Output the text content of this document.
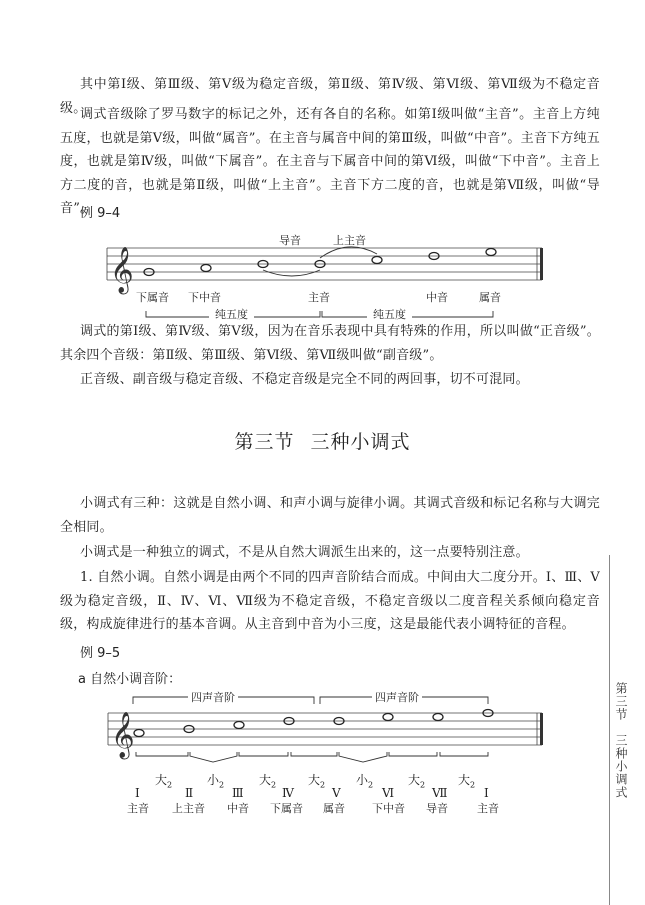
其中第Ⅰ级、第Ⅲ级、第Ⅴ级为稳定音级，第Ⅱ级、第Ⅳ级、第Ⅵ级、第Ⅶ级为不稳定音级。

调式音级除了罗马数字的标记之外，还有各自的名称。如第Ⅰ级叫做“主音”。主音上方纯五度，也就是第Ⅴ级，叫做“属音”。在主音与属音中间的第Ⅲ级，叫做“中音”。主音下方纯五度，也就是第Ⅳ级，叫做“下属音”。在主音与下属音中间的第Ⅵ级，叫做“下中音”。主音上方二度的音，也就是第Ⅱ级，叫做“上主音”。主音下方二度的音，也就是第Ⅶ级，叫做“导音”。

例 9–4
𝄞
导音	上主音
下属音 下中音	主音	中音	属音
纯五度	纯五度

调式的第Ⅰ级、第Ⅳ级、第Ⅴ级，因为在音乐表现中具有特殊的作用，所以叫做“正音级”。其余四个音级：第Ⅱ级、第Ⅲ级、第Ⅵ级、第Ⅶ级叫做“副音级”。

正音级、副音级与稳定音级、不稳定音级是完全不同的两回事，切不可混同。

第三节 三种小调式

小调式有三种：这就是自然小调、和声小调与旋律小调。其调式音级和标记名称与大调完全相同。

小调式是一种独立的调式，不是从自然大调派生出来的，这一点要特别注意。

1. 自然小调。自然小调是由两个不同的四声音阶结合而成。中间由大二度分开。Ⅰ、Ⅲ、Ⅴ级为稳定音级，Ⅱ、Ⅳ、Ⅵ、Ⅶ级为不稳定音级，不稳定音级以二度音程关系倾向稳定音级，构成旋律进行的基本音调。从主音到中音为小三度，这是最能代表小调特征的音程。

例 9–5
a 自然小调音阶：
𝄞
四声音阶	四声音阶
大$_2$	小$_2$	大$_2$	大$_2$	小$_2$	大$_2$	大$_2$
Ⅰ	Ⅱ	Ⅲ	Ⅳ	Ⅴ	Ⅵ	Ⅶ	Ⅰ
主音 上主音 中音 下属音 属音 下中音 导音	主音
第三节　三种小调式
